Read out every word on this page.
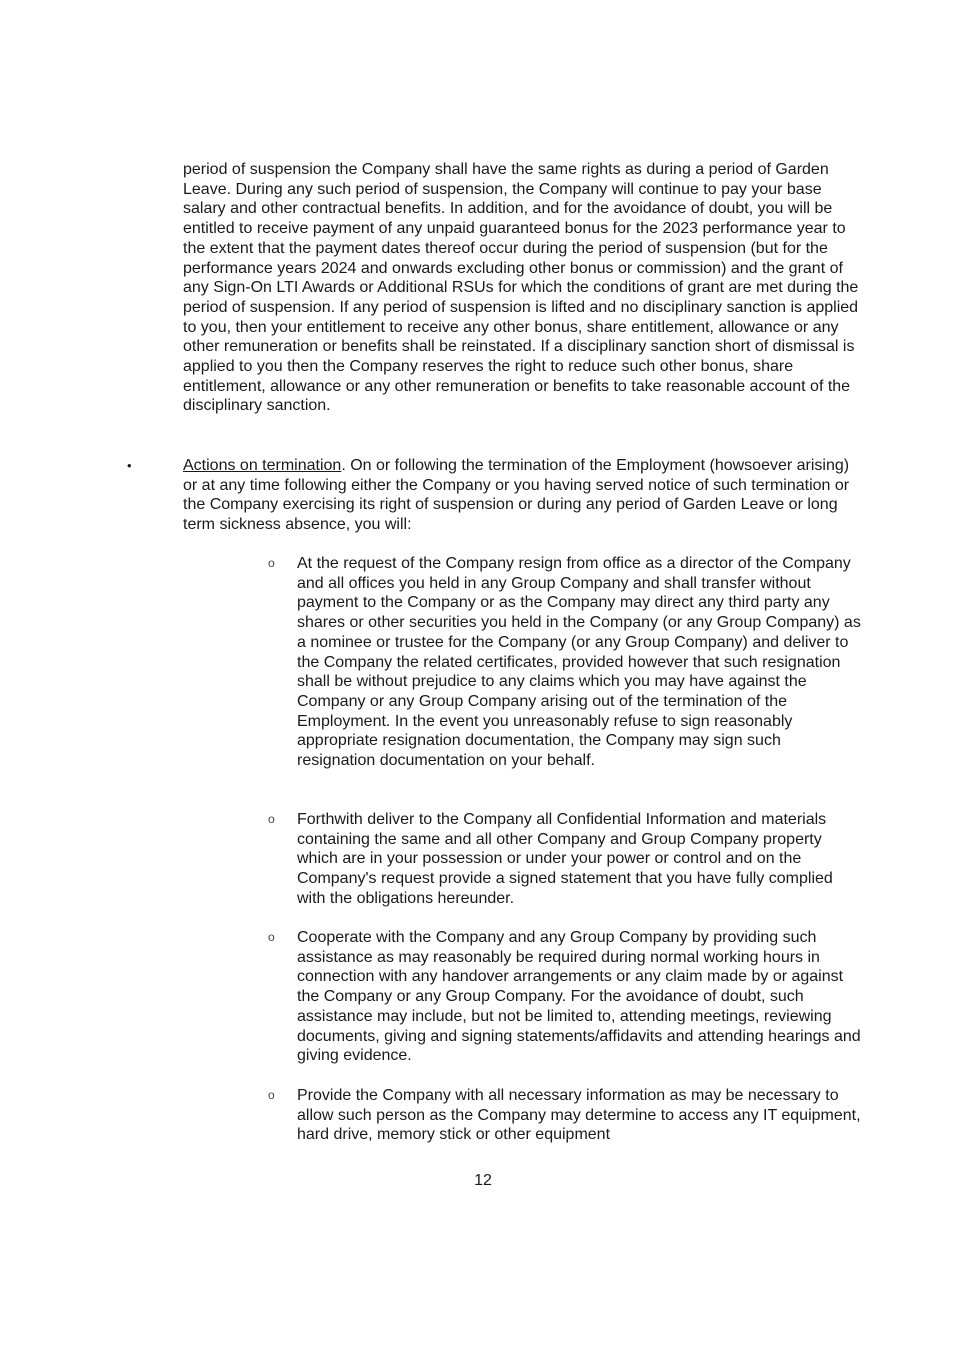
period of suspension the Company shall have the same rights as during a period of Garden Leave. During any such period of suspension, the Company will continue to pay your base salary and other contractual benefits. In addition, and for the avoidance of doubt, you will be entitled to receive payment of any unpaid guaranteed bonus for the 2023 performance year to the extent that the payment dates thereof occur during the period of suspension (but for the performance years 2024 and onwards excluding other bonus or commission) and the grant of any Sign-On LTI Awards or Additional RSUs for which the conditions of grant are met during the period of suspension. If any period of suspension is lifted and no disciplinary sanction is applied to you, then your entitlement to receive any other bonus, share entitlement, allowance or any other remuneration or benefits shall be reinstated. If a disciplinary sanction short of dismissal is applied to you then the Company reserves the right to reduce such other bonus, share entitlement, allowance or any other remuneration or benefits to take reasonable account of the disciplinary sanction.

•	Actions on termination. On or following the termination of the Employment (howsoever arising) or at any time following either the Company or you having served notice of such termination or the Company exercising its right of suspension or during any period of Garden Leave or long term sickness absence, you will:

o At the request of the Company resign from office as a director of the Company and all offices you held in any Group Company and shall transfer without payment to the Company or as the Company may direct any third party any shares or other securities you held in the Company (or any Group Company) as a nominee or trustee for the Company (or any Group Company) and deliver to the Company the related certificates, provided however that such resignation shall be without prejudice to any claims which you may have against the Company or any Group Company arising out of the termination of the Employment. In the event you unreasonably refuse to sign reasonably appropriate resignation documentation, the Company may sign such resignation documentation on your behalf.

o Forthwith deliver to the Company all Confidential Information and materials containing the same and all other Company and Group Company property which are in your possession or under your power or control and on the Company's request provide a signed statement that you have fully complied with the obligations hereunder.

o Cooperate with the Company and any Group Company by providing such assistance as may reasonably be required during normal working hours in connection with any handover arrangements or any claim made by or against the Company or any Group Company. For the avoidance of doubt, such assistance may include, but not be limited to, attending meetings, reviewing documents, giving and signing statements/affidavits and attending hearings and giving evidence.

o Provide the Company with all necessary information as may be necessary to allow such person as the Company may determine to access any IT equipment, hard drive, memory stick or other equipment

12
